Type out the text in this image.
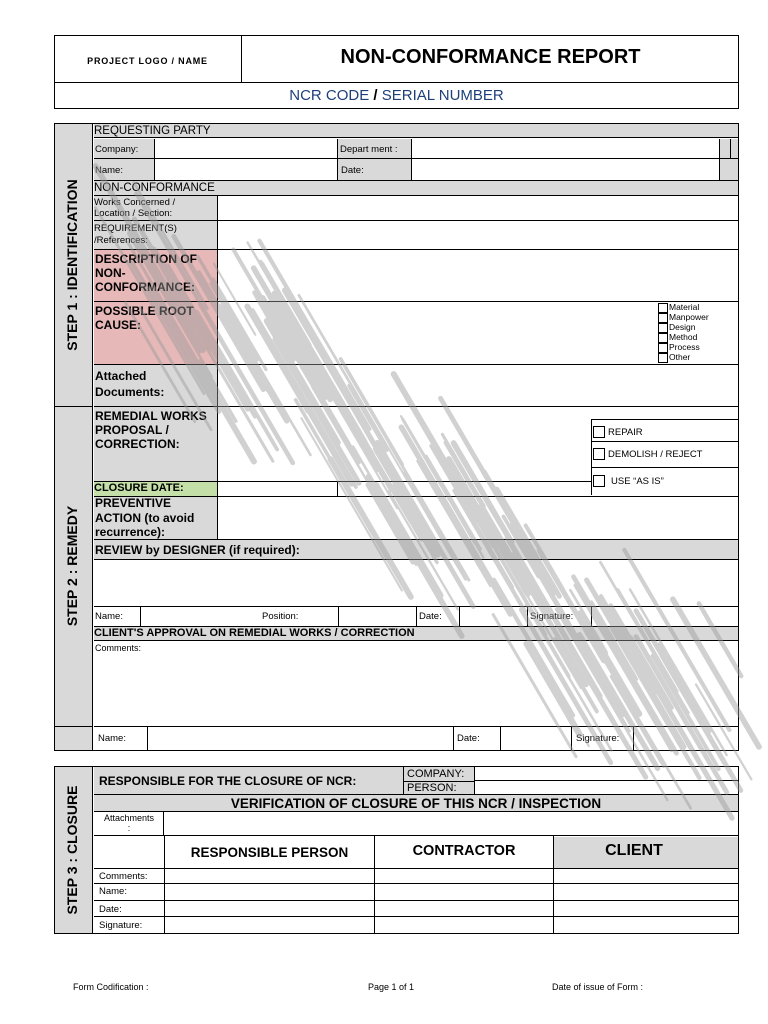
PROJECT LOGO / NAME	NON-CONFORMANCE REPORT
NCR CODE / SERIAL NUMBER
STEP 1 : IDENTIFICATION
STEP 2 : REMEDY
REQUESTING PARTY
Company:	Depart ment :
Name:	Date:
NON-CONFORMANCE
Works Concerned /
Location / Section:
REQUIREMENT(S)
/References:
DESCRIPTION OF NON-CONFORMANCE:
POSSIBLE ROOT CAUSE:
Material
Manpower
Design
Method
Process
Other
Attached Documents:
REMEDIAL WORKS PROPOSAL / CORRECTION:
REPAIR
DEMOLISH / REJECT
USE “AS IS”
CLOSURE DATE:
PREVENTIVE ACTION (to avoid recurrence):
REVIEW by DESIGNER (if required):
Name:	Position:	Date:	Signature:
CLIENT'S APPROVAL ON REMEDIAL WORKS / CORRECTION
Comments:
Name:	Date:	Signature:
STEP 3 : CLOSURE
RESPONSIBLE FOR THE CLOSURE OF NCR:	COMPANY:
PERSON:
VERIFICATION OF CLOSURE OF THIS NCR / INSPECTION
Attachments
:
RESPONSIBLE PERSON	CONTRACTOR	CLIENT
Comments:
Name:
Date:
Signature:
Form Codification :	Page 1 of 1	Date of issue of Form :
